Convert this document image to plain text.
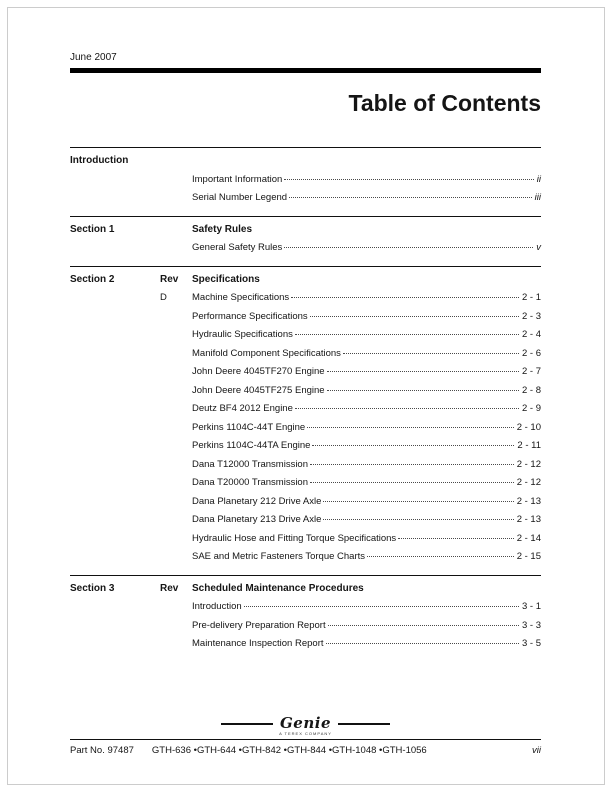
June 2007
Table of Contents
Introduction
Important Information	ii
Serial Number Legend	iii
Section 1	Safety Rules
General Safety Rules	v
Section 2	Rev	Specifications
D	Machine Specifications	2 - 1
Performance Specifications	2 - 3
Hydraulic Specifications	2 - 4
Manifold Component Specifications	2 - 6
John Deere 4045TF270 Engine	2 - 7
John Deere 4045TF275 Engine	2 - 8
Deutz BF4 2012 Engine	2 - 9
Perkins 1104C-44T Engine	2 - 10
Perkins 1104C-44TA Engine	2 - 11
Dana T12000 Transmission	2 - 12
Dana T20000 Transmission	2 - 12
Dana Planetary 212 Drive Axle	2 - 13
Dana Planetary 213 Drive Axle	2 - 13
Hydraulic Hose and Fitting Torque Specifications	2 - 14
SAE and Metric Fasteners Torque Charts	2 - 15
Section 3	Rev	Scheduled Maintenance Procedures
Introduction	3 - 1
Pre-delivery Preparation Report	3 - 3
Maintenance Inspection Report	3 - 5
Genie
A TEREX COMPANY
Part No. 97487 GTH-636 •GTH-644 •GTH-842 •GTH-844 •GTH-1048 •GTH-1056	vii
